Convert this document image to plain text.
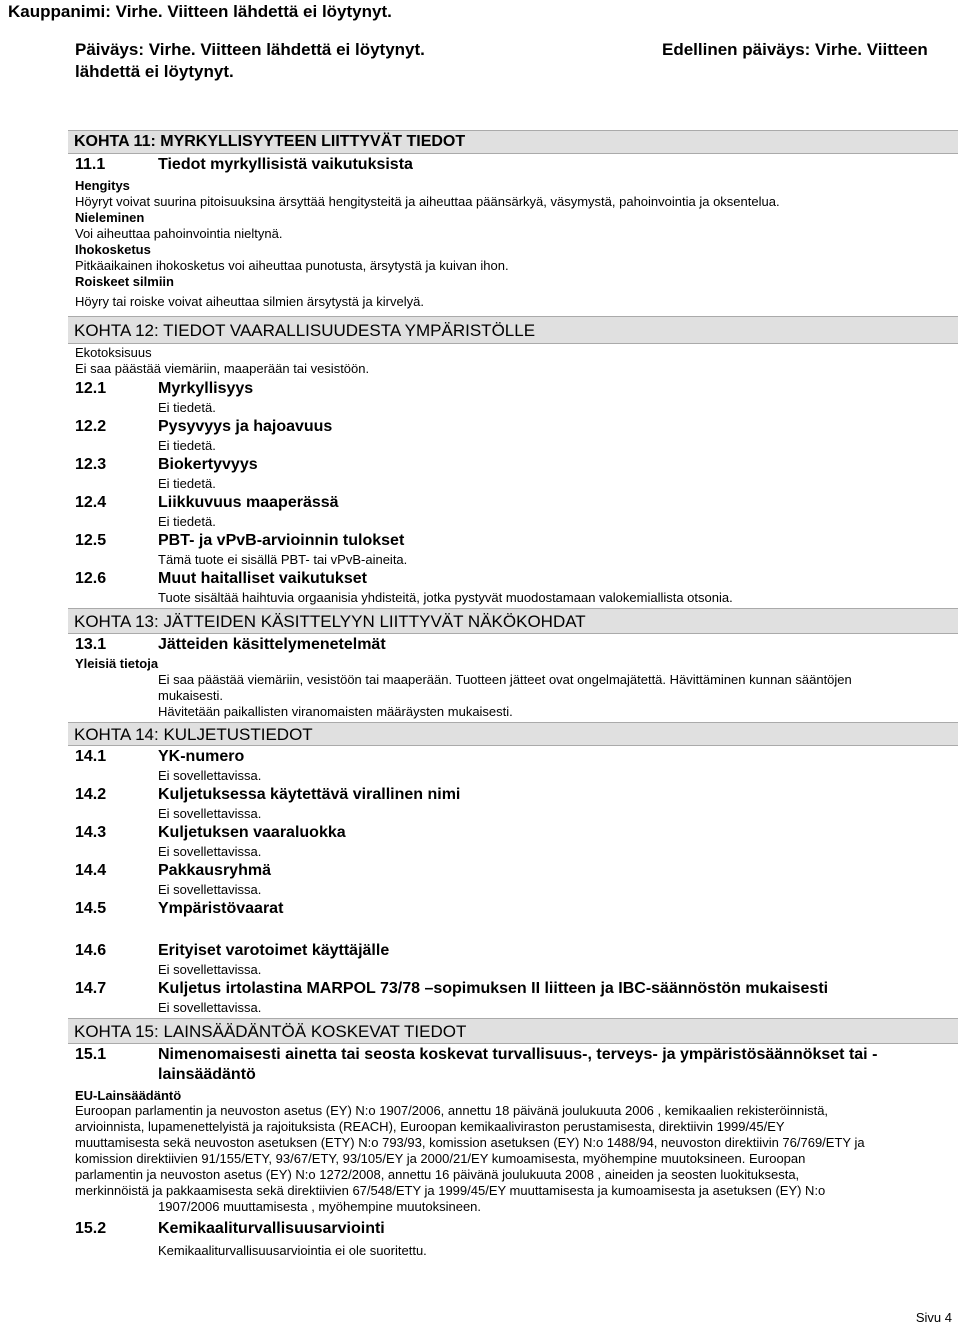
Kauppanimi: Virhe. Viitteen lähdettä ei löytynyt.
Päiväys: Virhe. Viitteen lähdettä ei löytynyt.
lähdettä ei löytynyt.
Edellinen päiväys: Virhe. Viitteen
KOHTA 11: MYRKYLLISYYTEEN LIITTYVÄT TIEDOT
11.1	Tiedot myrkyllisistä vaikutuksista
Hengitys
Höyryt voivat suurina pitoisuuksina ärsyttää hengitysteitä ja aiheuttaa päänsärkyä, väsymystä, pahoinvointia ja oksentelua.
Nieleminen
Voi aiheuttaa pahoinvointia nieltynä.
Ihokosketus
Pitkäaikainen ihokosketus voi aiheuttaa punotusta, ärsytystä ja kuivan ihon.
Roiskeet silmiin
Höyry tai roiske voivat aiheuttaa silmien ärsytystä ja kirvelyä.
KOHTA 12: TIEDOT VAARALLISUUDESTA YMPÄRISTÖLLE
Ekotoksisuus
Ei saa päästää viemäriin, maaperään tai vesistöön.
12.1	Myrkyllisyys
Ei tiedetä.
12.2	Pysyvyys ja hajoavuus
Ei tiedetä.
12.3	Biokertyvyys
Ei tiedetä.
12.4	Liikkuvuus maaperässä
Ei tiedetä.
12.5	PBT- ja vPvB-arvioinnin tulokset
Tämä tuote ei sisällä PBT- tai vPvB-aineita.
12.6	Muut haitalliset vaikutukset
Tuote sisältää haihtuvia orgaanisia yhdisteitä, jotka pystyvät muodostamaan valokemiallista otsonia.
KOHTA 13: JÄTTEIDEN KÄSITTELYYN LIITTYVÄT NÄKÖKOHDAT
13.1	Jätteiden käsittelymenetelmät
Yleisiä tietoja
Ei saa päästää viemäriin, vesistöön tai maaperään. Tuotteen jätteet ovat ongelmajätettä. Hävittäminen kunnan sääntöjen
mukaisesti.
Hävitetään paikallisten viranomaisten määräysten mukaisesti.
KOHTA 14: KULJETUSTIEDOT
14.1	YK-numero
Ei sovellettavissa.
14.2	Kuljetuksessa käytettävä virallinen nimi
Ei sovellettavissa.
14.3	Kuljetuksen vaaraluokka
Ei sovellettavissa.
14.4	Pakkausryhmä
Ei sovellettavissa.
14.5	Ympäristövaarat
14.6	Erityiset varotoimet käyttäjälle
Ei sovellettavissa.
14.7	Kuljetus irtolastina MARPOL 73/78 –sopimuksen II liitteen ja IBC-säännöstön mukaisesti
Ei sovellettavissa.
KOHTA 15: LAINSÄÄDÄNTÖÄ KOSKEVAT TIEDOT
15.1	Nimenomaisesti ainetta tai seosta koskevat turvallisuus-, terveys- ja ympäristösäännökset tai -
lainsäädäntö
EU-Lainsäädäntö
Euroopan parlamentin ja neuvoston asetus (EY) N:o 1907/2006, annettu 18 päivänä joulukuuta 2006 , kemikaalien rekisteröinnistä,
arvioinnista, lupamenettelyistä ja rajoituksista (REACH), Euroopan kemikaaliviraston perustamisesta, direktiivin 1999/45/EY
muuttamisesta sekä neuvoston asetuksen (ETY) N:o 793/93, komission asetuksen (EY) N:o 1488/94, neuvoston direktiivin 76/769/ETY ja
komission direktiivien 91/155/ETY, 93/67/ETY, 93/105/EY ja 2000/21/EY kumoamisesta, myöhempine muutoksineen. Euroopan
parlamentin ja neuvoston asetus (EY) N:o 1272/2008, annettu 16 päivänä joulukuuta 2008 , aineiden ja seosten luokituksesta,
merkinnöistä ja pakkaamisesta sekä direktiivien 67/548/ETY ja 1999/45/EY muuttamisesta ja kumoamisesta ja asetuksen (EY) N:o
1907/2006 muuttamisesta , myöhempine muutoksineen.
15.2	Kemikaaliturvallisuusarviointi
Kemikaaliturvallisuusarviointia ei ole suoritettu.
Sivu 4
